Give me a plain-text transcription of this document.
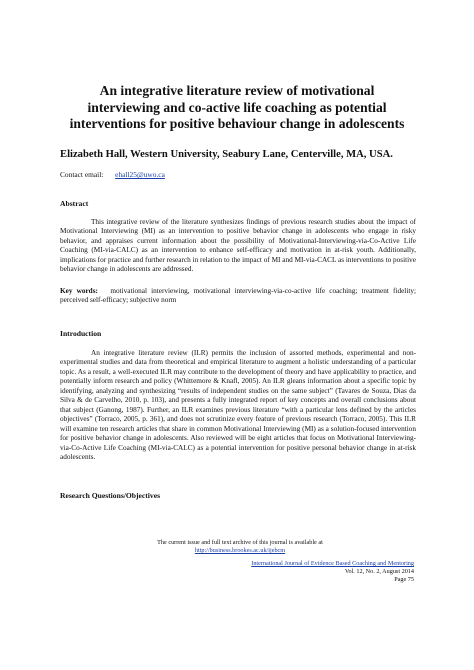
An integrative literature review of motivational
interviewing and co-active life coaching as potential
interventions for positive behaviour change in adolescents
Elizabeth Hall, Western University, Seabury Lane, Centerville, MA, USA.
Contact email: ehall25@uwo.ca
Abstract

This integrative review of the literature synthesizes findings of previous research studies about the impact of Motivational Interviewing (MI) as an intervention to positive behavior change in adolescents who engage in risky behavior, and appraises current information about the possibility of Motivational-Interviewing-via-Co-Active Life Coaching (MI-via-CALC) as an intervention to enhance self-efficacy and motivation in at-risk youth. Additionally, implications for practice and further research in relation to the impact of MI and MI-via-CACL as interventions to positive behavior change in adolescents are addressed.

Key words: motivational interviewing, motivational interviewing-via-co-active life coaching; treatment fidelity; perceived self-efficacy; subjective norm

Introduction

An integrative literature review (ILR) permits the inclusion of assorted methods, experimental and non-experimental studies and data from theoretical and empirical literature to augment a holistic understanding of a particular topic. As a result, a well-executed ILR may contribute to the development of theory and have applicability to practice, and potentially inform research and policy (Whittemore & Knafl, 2005). An ILR gleans information about a specific topic by identifying, analyzing and synthesizing “results of independent studies on the same subject” (Tavares de Souza, Dias da Silva & de Carvelho, 2010, p. 103), and presents a fully integrated report of key concepts and overall conclusions about that subject (Ganong, 1987). Further, an ILR examines previous literature “with a particular lens defined by the articles objectives” (Torraco, 2005, p. 361), and does not scrutinize every feature of previous research (Torraco, 2005). This ILR will examine ten research articles that share in common Motivational Interviewing (MI) as a solution-focused intervention for positive behavior change in adolescents. Also reviewed will be eight articles that focus on Motivational Interviewing-via-Co-Active Life Coaching (MI-via-CALC) as a potential intervention for positive personal behavior change in at-risk adolescents.

Research Questions/Objectives
The current issue and full text archive of this journal is available at
http://business.brookes.ac.uk/ijebcm
International Journal of Evidence Based Coaching and Mentoring
Vol. 12, No. 2, August 2014
Page 75
